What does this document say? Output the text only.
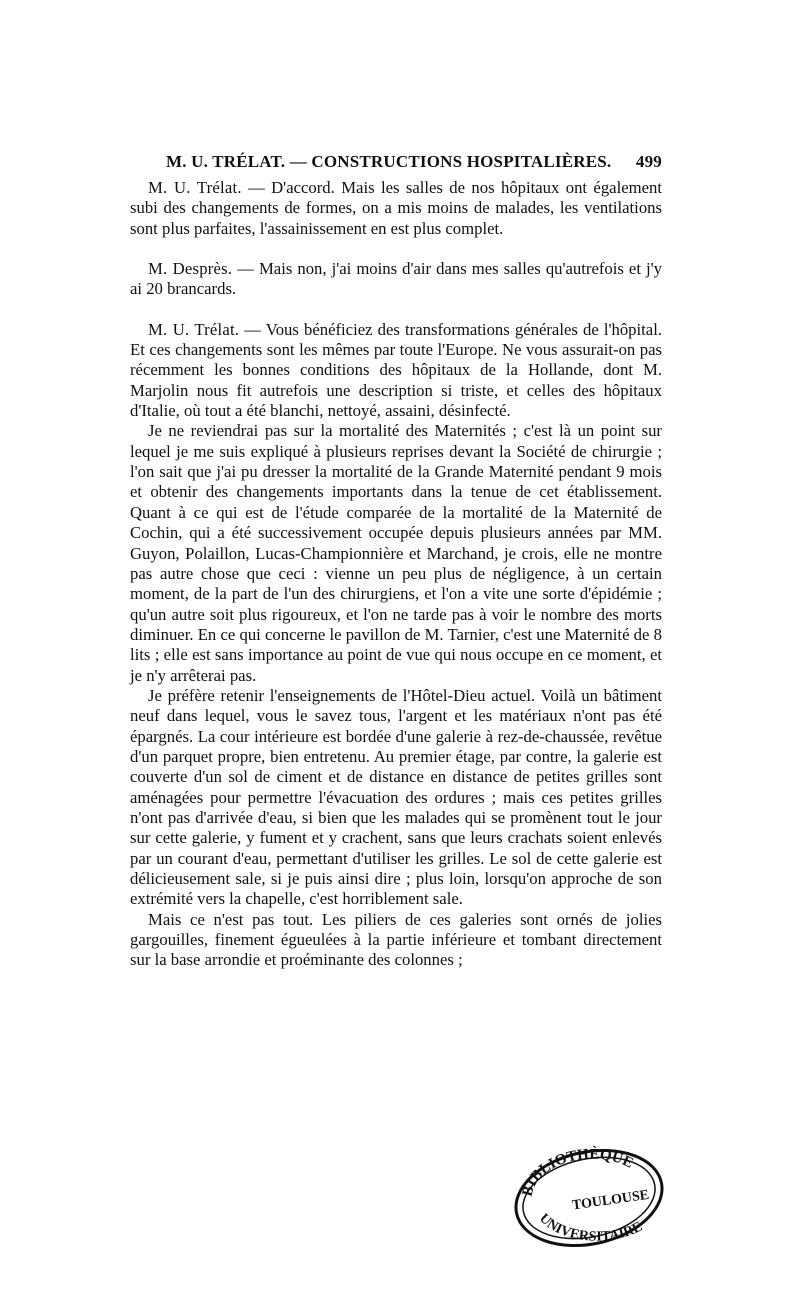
M. U. TRÉLAT. — CONSTRUCTIONS HOSPITALIÈRES. 499

M. U. Trélat. — D'accord. Mais les salles de nos hôpitaux ont également subi des changements de formes, on a mis moins de malades, les ventilations sont plus parfaites, l'assainissement en est plus complet.

M. Desprès. — Mais non, j'ai moins d'air dans mes salles qu'autrefois et j'y ai 20 brancards.

M. U. Trélat. — Vous bénéficiez des transformations générales de l'hôpital. Et ces changements sont les mêmes par toute l'Europe. Ne vous assurait-on pas récemment les bonnes conditions des hôpitaux de la Hollande, dont M. Marjolin nous fit autrefois une description si triste, et celles des hôpitaux d'Italie, où tout a été blanchi, nettoyé, assaini, désinfecté.

Je ne reviendrai pas sur la mortalité des Maternités ; c'est là un point sur lequel je me suis expliqué à plusieurs reprises devant la Société de chirurgie ; l'on sait que j'ai pu dresser la mortalité de la Grande Maternité pendant 9 mois et obtenir des changements importants dans la tenue de cet établissement. Quant à ce qui est de l'étude comparée de la mortalité de la Maternité de Cochin, qui a été successivement occupée depuis plusieurs années par MM. Guyon, Polaillon, Lucas-Championnière et Marchand, je crois, elle ne montre pas autre chose que ceci : vienne un peu plus de négligence, à un certain moment, de la part de l'un des chirurgiens, et l'on a vite une sorte d'épidémie ; qu'un autre soit plus rigoureux, et l'on ne tarde pas à voir le nombre des morts diminuer. En ce qui concerne le pavillon de M. Tarnier, c'est une Maternité de 8 lits ; elle est sans importance au point de vue qui nous occupe en ce moment, et je n'y arrêterai pas.

Je préfère retenir l'enseignements de l'Hôtel-Dieu actuel. Voilà un bâtiment neuf dans lequel, vous le savez tous, l'argent et les matériaux n'ont pas été épargnés. La cour intérieure est bordée d'une galerie à rez-de-chaussée, revêtue d'un parquet propre, bien entretenu. Au premier étage, par contre, la galerie est couverte d'un sol de ciment et de distance en distance de petites grilles sont aménagées pour permettre l'évacuation des ordures ; mais ces petites grilles n'ont pas d'arrivée d'eau, si bien que les malades qui se promènent tout le jour sur cette galerie, y fument et y crachent, sans que leurs crachats soient enlevés par un courant d'eau, permettant d'utiliser les grilles. Le sol de cette galerie est délicieusement sale, si je puis ainsi dire ; plus loin, lorsqu'on approche de son extrémité vers la chapelle, c'est horriblement sale.

Mais ce n'est pas tout. Les piliers de ces galeries sont ornés de jolies gargouilles, finement égueulées à la partie inférieure et tombant directement sur la base arrondie et proéminante des colonnes ;

BIBLIOTHÈQUE
TOULOUSE
UNIVERSITAIRE
